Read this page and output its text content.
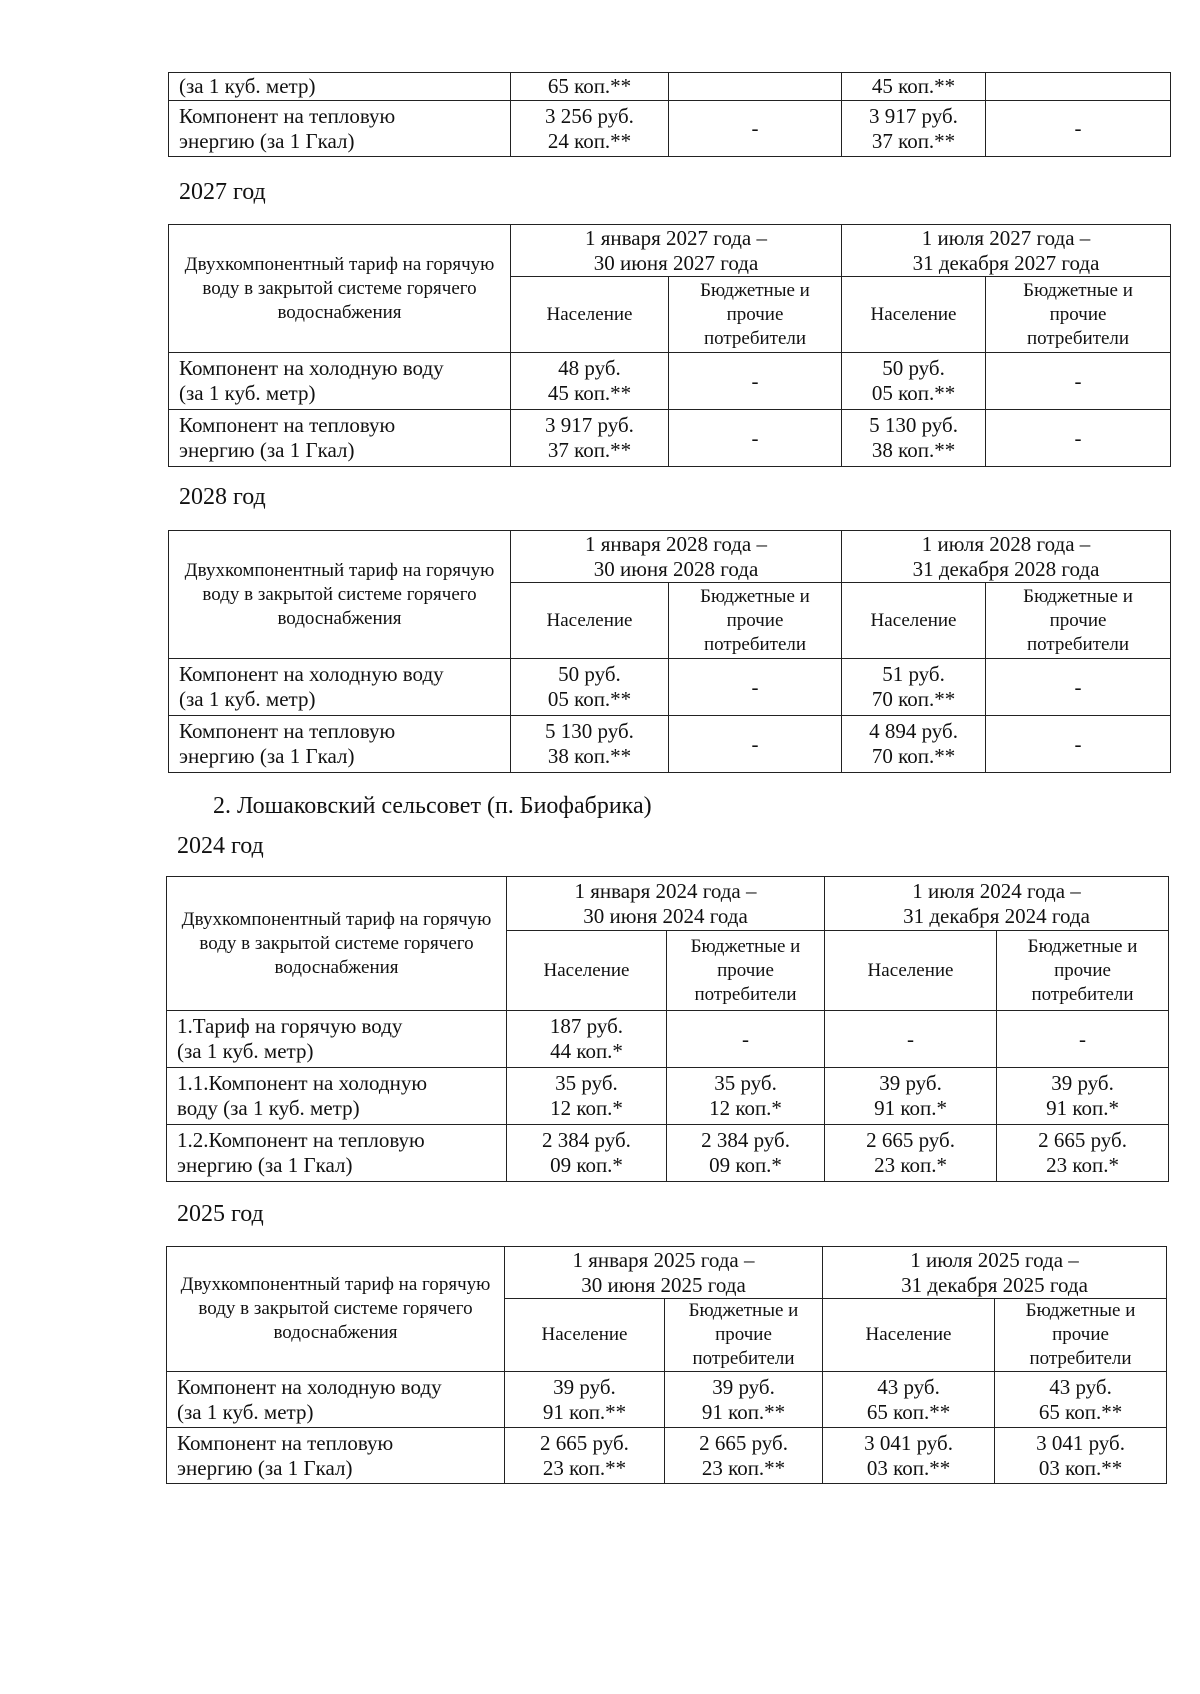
(за 1 куб. метр)	65 коп.**		45 коп.**	

Компонент на тепловую
энергию (за 1 Гкал)	3 256 руб.
24 коп.**	-	3 917 руб.
37 коп.**	-
2027 год
Двухкомпонентный тариф на горячую воду в закрытой системе горячего водоснабжения	1 января 2027 года –
30 июня 2027 года		1 июля 2027 года –
31 декабря 2027 года	

	Население	Бюджетные и
прочие
потребители	Население	Бюджетные и
прочие
потребители

Компонент на холодную воду
(за 1 куб. метр)	48 руб.
45 коп.**	-	50 руб.
05 коп.**	-

Компонент на тепловую
энергию (за 1 Гкал)	3 917 руб.
37 коп.**	-	5 130 руб.
38 коп.**	-
2028 год
Двухкомпонентный тариф на горячую воду в закрытой системе горячего водоснабжения	1 января 2028 года –
30 июня 2028 года		1 июля 2028 года –
31 декабря 2028 года	

	Население	Бюджетные и
прочие
потребители	Население	Бюджетные и
прочие
потребители

Компонент на холодную воду
(за 1 куб. метр)	50 руб.
05 коп.**	-	51 руб.
70 коп.**	-

Компонент на тепловую
энергию (за 1 Гкал)	5 130 руб.
38 коп.**	-	4 894 руб.
70 коп.**	-
2. Лошаковский сельсовет (п. Биофабрика)
2024 год
Двухкомпонентный тариф на горячую воду в закрытой системе горячего водоснабжения	1 января 2024 года –
30 июня 2024 года		1 июля 2024 года –
31 декабря 2024 года	

	Население	Бюджетные и
прочие
потребители	Население	Бюджетные и
прочие
потребители

1.Тариф на горячую воду
(за 1 куб. метр)	187 руб.
44 коп.*	-	-	-

1.1.Компонент на холодную
воду (за 1 куб. метр)	35 руб.
12 коп.*	35 руб.
12 коп.*	39 руб.
91 коп.*	39 руб.
91 коп.*

1.2.Компонент на тепловую
энергию (за 1 Гкал)	2 384 руб.
09 коп.*	2 384 руб.
09 коп.*	2 665 руб.
23 коп.*	2 665 руб.
23 коп.*
2025 год
Двухкомпонентный тариф на горячую воду в закрытой системе горячего водоснабжения	1 января 2025 года –
30 июня 2025 года		1 июля 2025 года –
31 декабря 2025 года	

	Население	Бюджетные и
прочие
потребители	Население	Бюджетные и
прочие
потребители

Компонент на холодную воду
(за 1 куб. метр)	39 руб.
91 коп.**	39 руб.
91 коп.**	43 руб.
65 коп.**	43 руб.
65 коп.**

Компонент на тепловую
энергию (за 1 Гкал)	2 665 руб.
23 коп.**	2 665 руб.
23 коп.**	3 041 руб.
03 коп.**	3 041 руб.
03 коп.**
